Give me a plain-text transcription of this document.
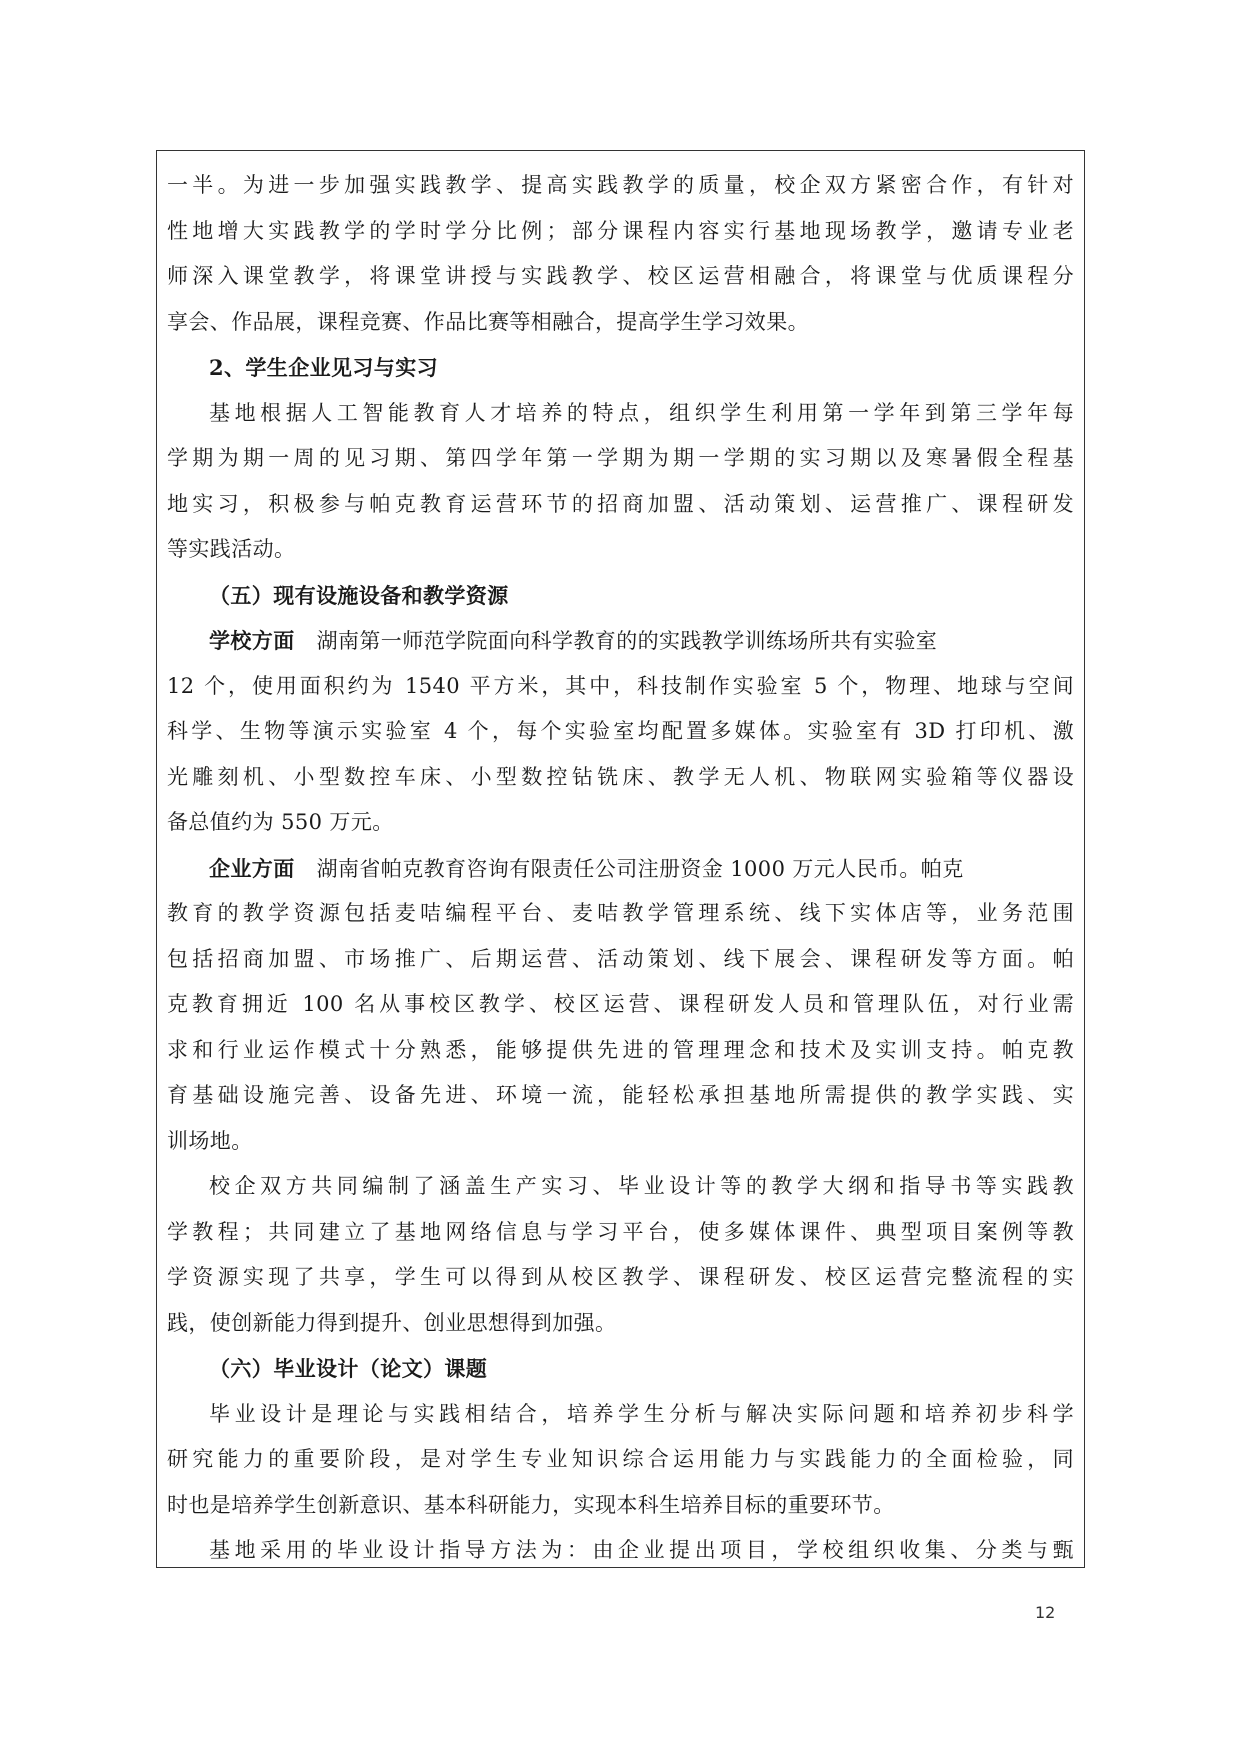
一半。为进一步加强实践教学、提高实践教学的质量，校企双方紧密合作，有针对
性地增大实践教学的学时学分比例；部分课程内容实行基地现场教学，邀请专业老
师深入课堂教学，将课堂讲授与实践教学、校区运营相融合，将课堂与优质课程分
享会、作品展，课程竞赛、作品比赛等相融合，提高学生学习效果。
2、学生企业见习与实习
基地根据人工智能教育人才培养的特点，组织学生利用第一学年到第三学年每
学期为期一周的见习期、第四学年第一学期为期一学期的实习期以及寒暑假全程基
地实习，积极参与帕克教育运营环节的招商加盟、活动策划、运营推广、课程研发
等实践活动。
（五）现有设施设备和教学资源
学校方面 湖南第一师范学院面向科学教育的的实践教学训练场所共有实验室
12 个，使用面积约为 1540 平方米，其中，科技制作实验室 5 个，物理、地球与空间
科学、生物等演示实验室 4 个，每个实验室均配置多媒体。实验室有 3D 打印机、激
光雕刻机、小型数控车床、小型数控钻铣床、教学无人机、物联网实验箱等仪器设
备总值约为 550 万元。
企业方面 湖南省帕克教育咨询有限责任公司注册资金 1000 万元人民币。帕克
教育的教学资源包括麦咭编程平台、麦咭教学管理系统、线下实体店等，业务范围
包括招商加盟、市场推广、后期运营、活动策划、线下展会、课程研发等方面。帕
克教育拥近 100 名从事校区教学、校区运营、课程研发人员和管理队伍，对行业需
求和行业运作模式十分熟悉，能够提供先进的管理理念和技术及实训支持。帕克教
育基础设施完善、设备先进、环境一流，能轻松承担基地所需提供的教学实践、实
训场地。
校企双方共同编制了涵盖生产实习、毕业设计等的教学大纲和指导书等实践教
学教程；共同建立了基地网络信息与学习平台，使多媒体课件、典型项目案例等教
学资源实现了共享，学生可以得到从校区教学、课程研发、校区运营完整流程的实
践，使创新能力得到提升、创业思想得到加强。
（六）毕业设计（论文）课题
毕业设计是理论与实践相结合，培养学生分析与解决实际问题和培养初步科学
研究能力的重要阶段，是对学生专业知识综合运用能力与实践能力的全面检验，同
时也是培养学生创新意识、基本科研能力，实现本科生培养目标的重要环节。
基地采用的毕业设计指导方法为：由企业提出项目，学校组织收集、分类与甄
12
